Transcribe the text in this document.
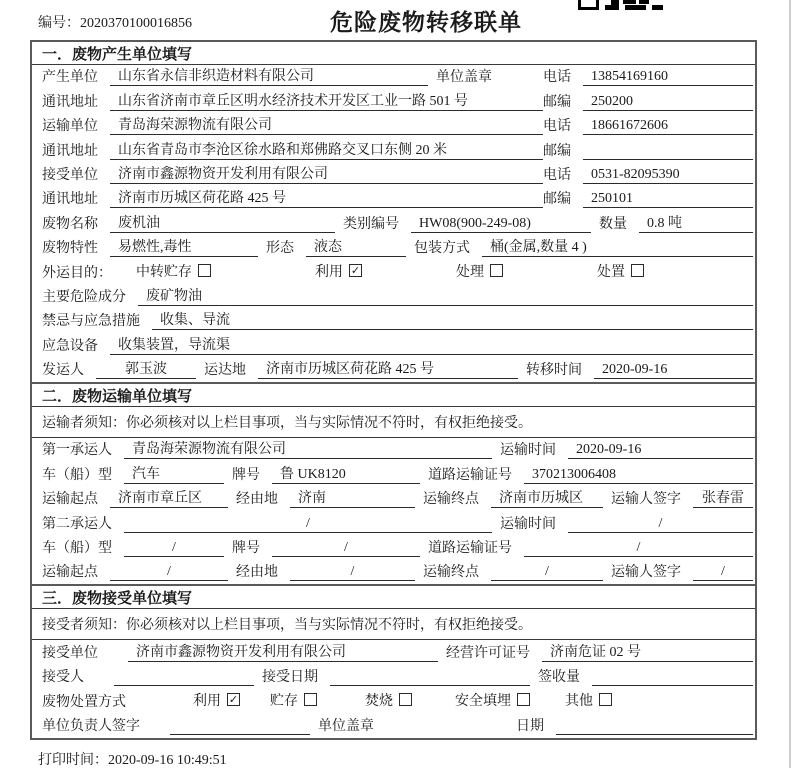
编号：2020370100016856	危险废物转移联单
一．废物产生单位填写
产生单位	山东省永信非织造材料有限公司	单位盖章	电话	13854169160
通讯地址	山东省济南市章丘区明水经济技术开发区工业一路 501 号	邮编	250200
运输单位	青岛海荣源物流有限公司	电话	18661672606
通讯地址	山东省青岛市李沧区徐水路和郑佛路交叉口东侧 20 米	邮编
接受单位	济南市鑫源物资开发利用有限公司	电话	0531-82095390
通讯地址	济南市历城区荷花路 425 号	邮编	250101
废物名称	废机油	类别编号	HW08(900-249-08)	数量	0.8 吨
废物特性	易燃性,毒性	形态	液态	包装方式	桶(金属,数量 4 )
外运目的： 中转贮存	利用 ✓	处理	处置
主要危险成分	废矿物油
禁忌与应急措施	收集、导流
应急设备	收集装置，导流渠
发运人	郭玉波	运达地	济南市历城区荷花路 425 号	转移时间	2020-09-16
二．废物运输单位填写
运输者须知：你必须核对以上栏目事项，当与实际情况不符时，有权拒绝接受。
第一承运人	青岛海荣源物流有限公司	运输时间	2020-09-16
车（船）型	汽车	牌号	鲁 UK8120	道路运输证号	370213006408
运输起点	济南市章丘区	经由地	济南	运输终点	济南市历城区	运输人签字	张春雷
第二承运人	/	运输时间	/
车（船）型	/	牌号	/	道路运输证号	/
运输起点	/	经由地	/	运输终点	/	运输人签字	/
三．废物接受单位填写
接受者须知：你必须核对以上栏目事项，当与实际情况不符时，有权拒绝接受。
接受单位	济南市鑫源物资开发利用有限公司	经营许可证号	济南危证 02 号
接受人	接受日期	签收量
废物处置方式	利用 ✓ 贮存	焚烧	安全填埋	其他
单位负责人签字	单位盖章	日期
打印时间：2020-09-16 10:49:51
